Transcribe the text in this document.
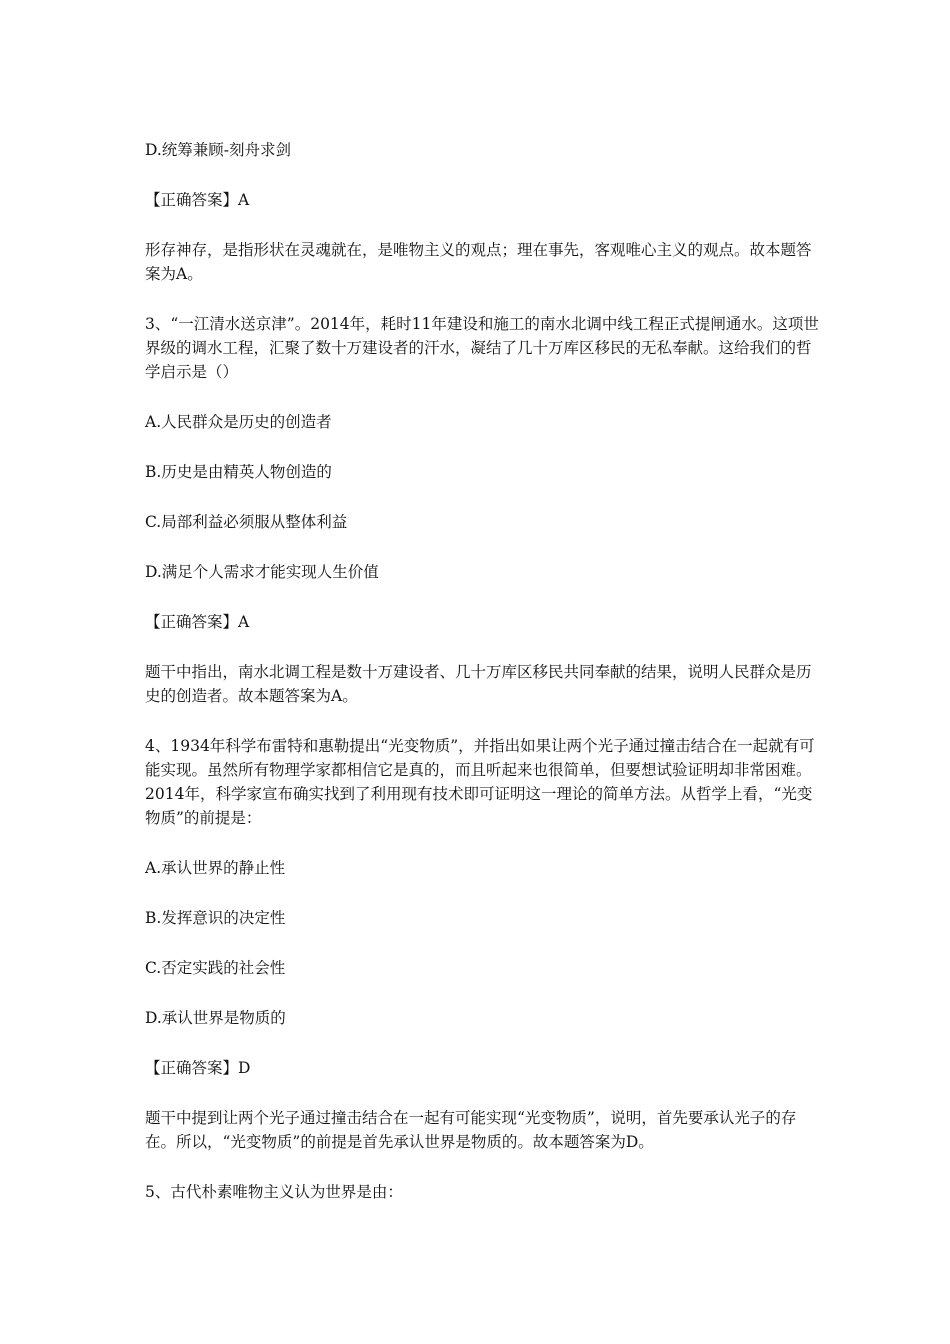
D.统筹兼顾-刻舟求剑
【正确答案】A
形存神存，是指形状在灵魂就在，是唯物主义的观点；理在事先，客观唯心主义的观点。故本题答案为A。
3、“一江清水送京津”。2014年，耗时11年建设和施工的南水北调中线工程正式提闸通水。这项世界级的调水工程，汇聚了数十万建设者的汗水，凝结了几十万库区移民的无私奉献。这给我们的哲学启示是（）
A.人民群众是历史的创造者
B.历史是由精英人物创造的
C.局部利益必须服从整体利益
D.满足个人需求才能实现人生价值
【正确答案】A
题干中指出，南水北调工程是数十万建设者、几十万库区移民共同奉献的结果，说明人民群众是历史的创造者。故本题答案为A。
4、1934年科学布雷特和惠勒提出“光变物质”，并指出如果让两个光子通过撞击结合在一起就有可能实现。虽然所有物理学家都相信它是真的，而且听起来也很简单，但要想试验证明却非常困难。2014年，科学家宣布确实找到了利用现有技术即可证明这一理论的简单方法。从哲学上看，“光变物质”的前提是：
A.承认世界的静止性
B.发挥意识的决定性
C.否定实践的社会性
D.承认世界是物质的
【正确答案】D
题干中提到让两个光子通过撞击结合在一起有可能实现“光变物质”，说明，首先要承认光子的存在。所以，“光变物质”的前提是首先承认世界是物质的。故本题答案为D。
5、古代朴素唯物主义认为世界是由：
